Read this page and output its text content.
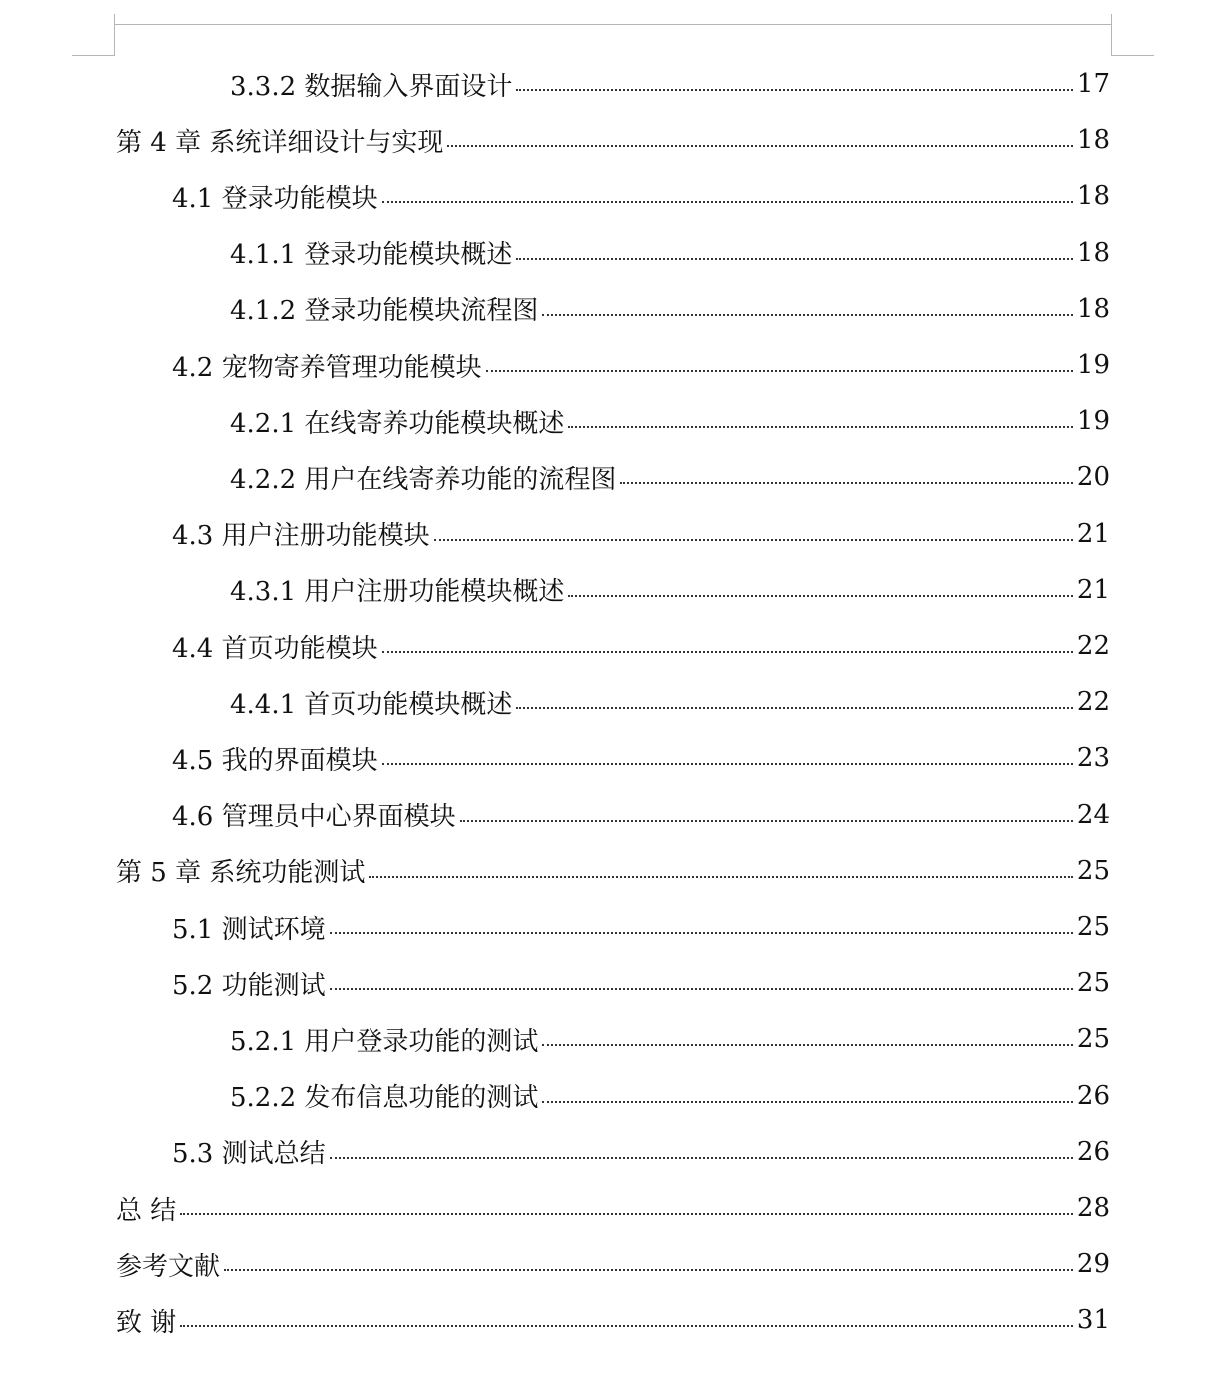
3.3.2 数据输入界面设计	17
第 4 章 系统详细设计与实现	18
4.1 登录功能模块	18
4.1.1 登录功能模块概述	18
4.1.2 登录功能模块流程图	18
4.2 宠物寄养管理功能模块	19
4.2.1 在线寄养功能模块概述	19
4.2.2 用户在线寄养功能的流程图	20
4.3 用户注册功能模块	21
4.3.1 用户注册功能模块概述	21
4.4 首页功能模块	22
4.4.1 首页功能模块概述	22
4.5 我的界面模块	23
4.6 管理员中心界面模块	24
第 5 章 系统功能测试	25
5.1 测试环境	25
5.2 功能测试	25
5.2.1 用户登录功能的测试	25
5.2.2 发布信息功能的测试	26
5.3 测试总结	26
总 结	28
参考文献	29
致 谢	31
